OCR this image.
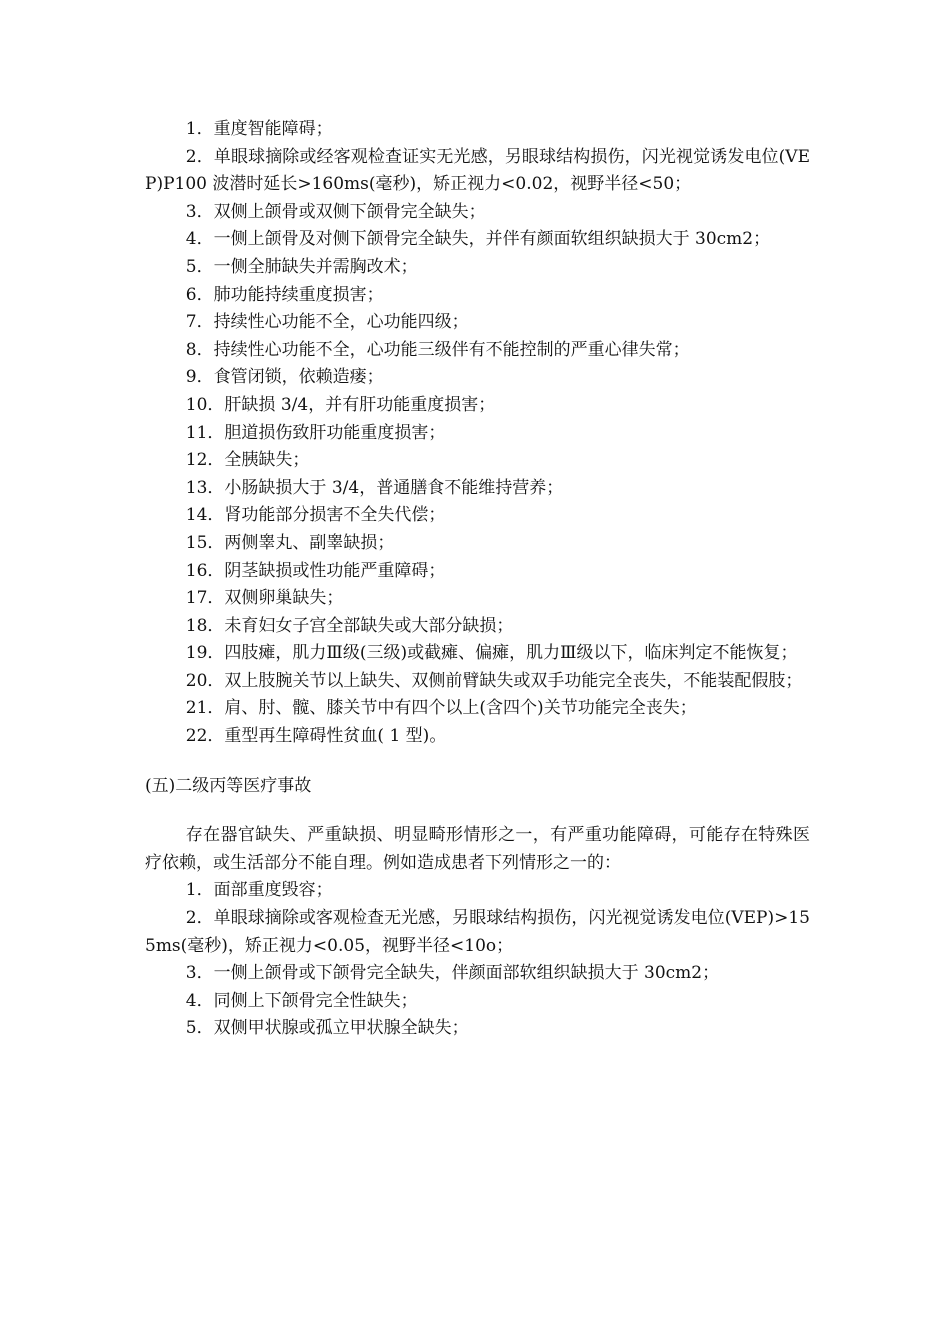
1．重度智能障碍；

2．单眼球摘除或经客观检查证实无光感，另眼球结构损伤，闪光视觉诱发电位(VEP)P100 波潜时延长>160ms(毫秒)，矫正视力<0.02，视野半径<50；

3．双侧上颌骨或双侧下颌骨完全缺失；

4．一侧上颌骨及对侧下颌骨完全缺失，并伴有颜面软组织缺损大于 30cm2；

5．一侧全肺缺失并需胸改术；

6．肺功能持续重度损害；

7．持续性心功能不全，心功能四级；

8．持续性心功能不全，心功能三级伴有不能控制的严重心律失常；

9．食管闭锁，依赖造瘘；

10．肝缺损 3/4，并有肝功能重度损害；

11．胆道损伤致肝功能重度损害；

12．全胰缺失；

13．小肠缺损大于 3/4，普通膳食不能维持营养；

14．肾功能部分损害不全失代偿；

15．两侧睾丸、副睾缺损；

16．阴茎缺损或性功能严重障碍；

17．双侧卵巢缺失；

18．未育妇女子宫全部缺失或大部分缺损；

19．四肢瘫，肌力Ⅲ级(三级)或截瘫、偏瘫，肌力Ⅲ级以下，临床判定不能恢复；

20．双上肢腕关节以上缺失、双侧前臂缺失或双手功能完全丧失，不能装配假肢；

21．肩、肘、髋、膝关节中有四个以上(含四个)关节功能完全丧失；

22．重型再生障碍性贫血( 1 型)。

(五)二级丙等医疗事故

存在器官缺失、严重缺损、明显畸形情形之一，有严重功能障碍，可能存在特殊医疗依赖，或生活部分不能自理。例如造成患者下列情形之一的：

1．面部重度毁容；

2．单眼球摘除或客观检查无光感，另眼球结构损伤，闪光视觉诱发电位(VEP)>155ms(毫秒)，矫正视力<0.05，视野半径<10o；

3．一侧上颌骨或下颌骨完全缺失，伴颜面部软组织缺损大于 30cm2；

4．同侧上下颌骨完全性缺失；

5．双侧甲状腺或孤立甲状腺全缺失；
